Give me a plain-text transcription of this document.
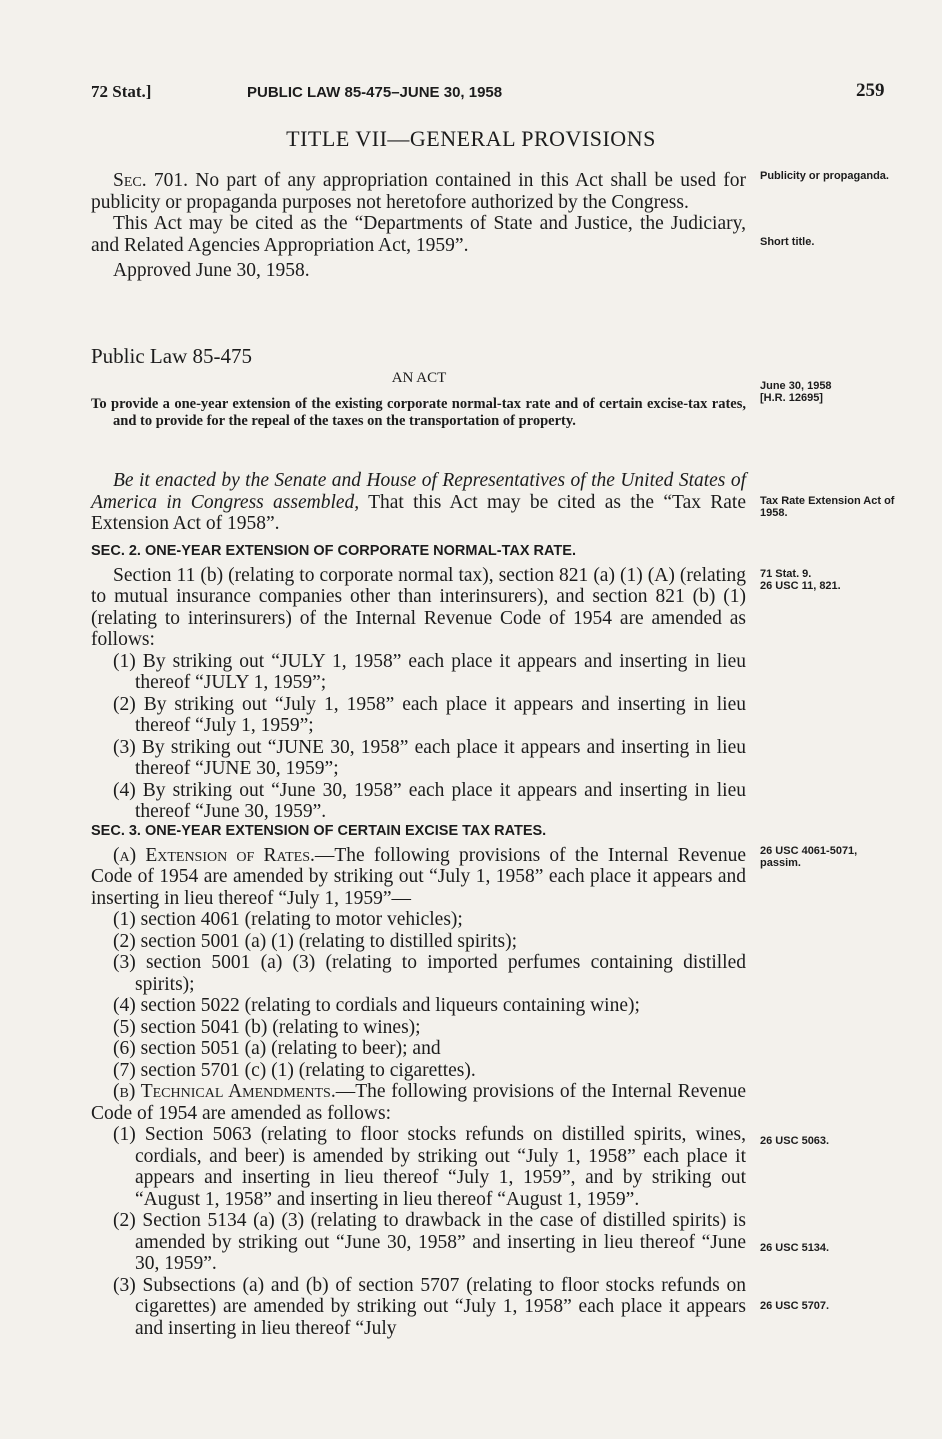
72 Stat.]	PUBLIC LAW 85-475–JUNE 30, 1958	259
TITLE VII—GENERAL PROVISIONS

Sec. 701. No part of any appropriation contained in this Act shall be used for publicity or propaganda purposes not heretofore authorized by the Congress.

This Act may be cited as the “Departments of State and Justice, the Judiciary, and Related Agencies Appropriation Act, 1959”.

Approved June 30, 1958.

Public Law 85-475
AN ACT

To provide a one-year extension of the existing corporate normal-tax rate and of certain excise-tax rates, and to provide for the repeal of the taxes on the transportation of property.

Be it enacted by the Senate and House of Representatives of the United States of America in Congress assembled, That this Act may be cited as the “Tax Rate Extension Act of 1958”.

SEC. 2. ONE-YEAR EXTENSION OF CORPORATE NORMAL-TAX RATE.

Section 11 (b) (relating to corporate normal tax), section 821 (a) (1) (A) (relating to mutual insurance companies other than interinsurers), and section 821 (b) (1) (relating to interinsurers) of the Internal Revenue Code of 1954 are amended as follows:

(1) By striking out “JULY 1, 1958” each place it appears and inserting in lieu thereof “JULY 1, 1959”;

(2) By striking out “July 1, 1958” each place it appears and inserting in lieu thereof “July 1, 1959”;

(3) By striking out “JUNE 30, 1958” each place it appears and inserting in lieu thereof “JUNE 30, 1959”;

(4) By striking out “June 30, 1958” each place it appears and inserting in lieu thereof “June 30, 1959”.

SEC. 3. ONE-YEAR EXTENSION OF CERTAIN EXCISE TAX RATES.

(a) Extension of Rates.—The following provisions of the Internal Revenue Code of 1954 are amended by striking out “July 1, 1958” each place it appears and inserting in lieu thereof “July 1, 1959”—

(1) section 4061 (relating to motor vehicles);

(2) section 5001 (a) (1) (relating to distilled spirits);

(3) section 5001 (a) (3) (relating to imported perfumes containing distilled spirits);

(4) section 5022 (relating to cordials and liqueurs containing wine);

(5) section 5041 (b) (relating to wines);

(6) section 5051 (a) (relating to beer); and

(7) section 5701 (c) (1) (relating to cigarettes).

(b) Technical Amendments.—The following provisions of the Internal Revenue Code of 1954 are amended as follows:

(1) Section 5063 (relating to floor stocks refunds on distilled spirits, wines, cordials, and beer) is amended by striking out “July 1, 1958” each place it appears and inserting in lieu thereof “July 1, 1959”, and by striking out “August 1, 1958” and inserting in lieu thereof “August 1, 1959”.

(2) Section 5134 (a) (3) (relating to drawback in the case of distilled spirits) is amended by striking out “June 30, 1958” and inserting in lieu thereof “June 30, 1959”.

(3) Subsections (a) and (b) of section 5707 (relating to floor stocks refunds on cigarettes) are amended by striking out “July 1, 1958” each place it appears and inserting in lieu thereof “July

Publicity or propaganda.
Short title.
June 30, 1958
[H.R. 12695]
Tax Rate Extension Act of 1958.
71 Stat. 9.
26 USC 11, 821.
26 USC 4061-5071, passim.
26 USC 5063.
26 USC 5134.
26 USC 5707.
